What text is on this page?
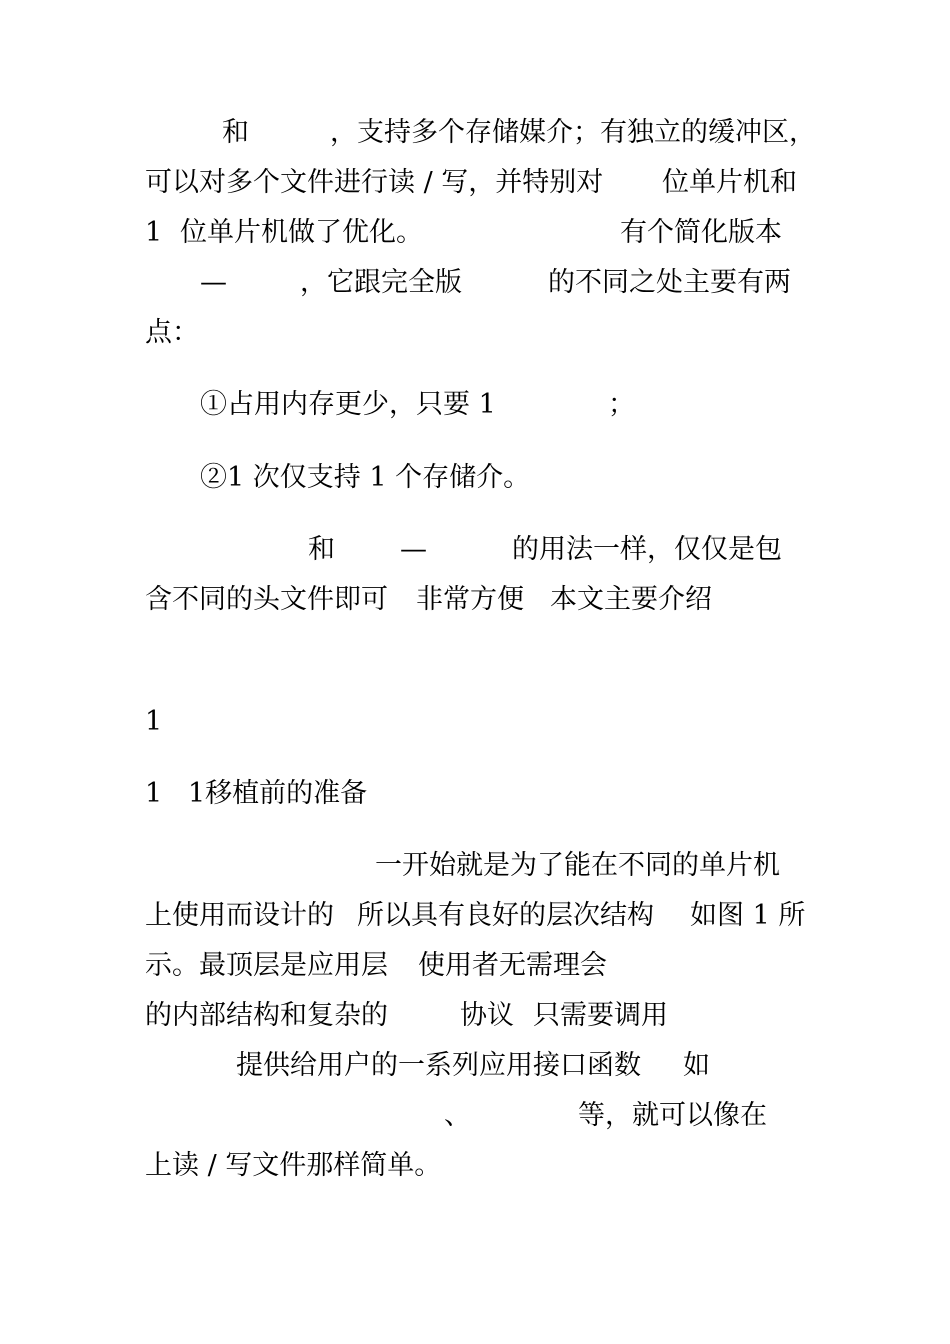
和	，支持多个存储媒介；有独立的缓冲区，
可以对多个文件进行读 / 写，并特别对 位单片机和
1 位单片机做了优化。	有个简化版本
—	，它跟完全版	的不同之处主要有两
点：
①占用内存更少，只要 1	；
②1 次仅支持 1 个存储介。
和 —	的用法一样，仅仅是包
含不同的头文件即可 非常方便 本文主要介绍
1
1 1移植前的准备
一开始就是为了能在不同的单片机
上使用而设计的 所以具有良好的层次结构 如图 1 所
示。最顶层是应用层 使用者无需理会
的内部结构和复杂的	协议 只需要调用
提供给用户的一系列应用接口函数 如
、	等，就可以像在
上读 / 写文件那样简单。
